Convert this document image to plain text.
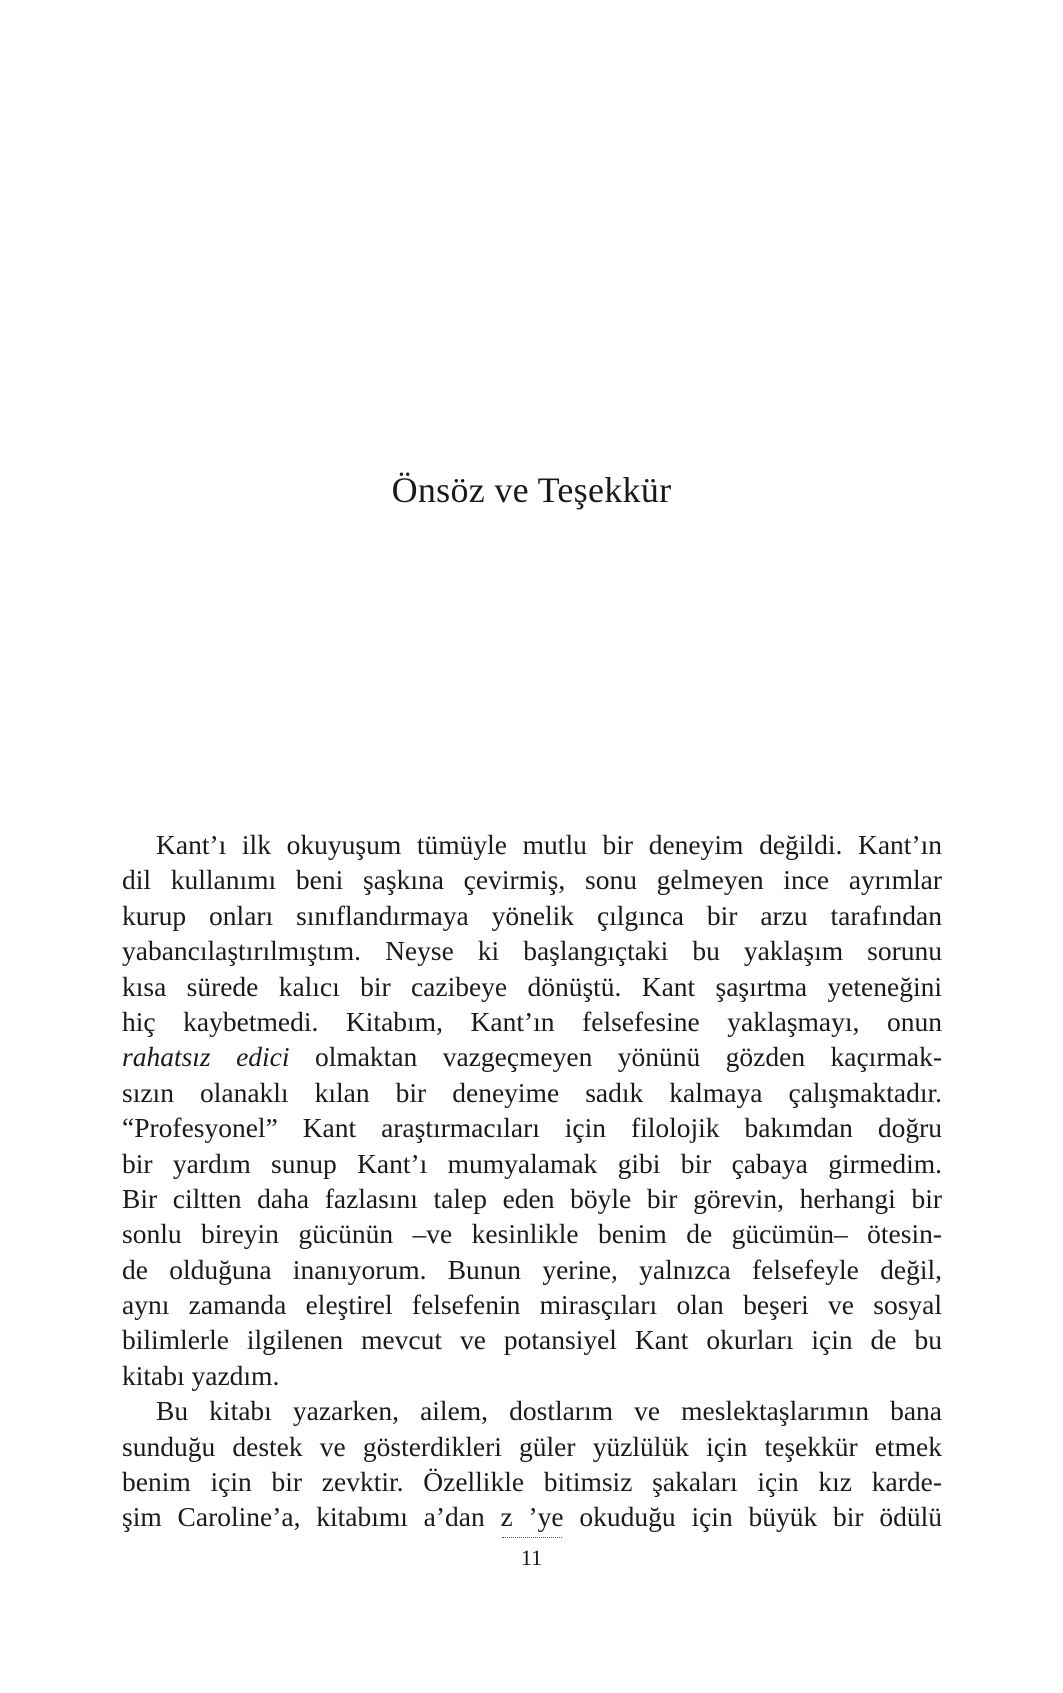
Önsöz ve Teşekkür
Kant’ı ilk okuyuşum tümüyle mutlu bir deneyim değildi. Kant’ın
dil kullanımı beni şaşkına çevirmiş, sonu gelmeyen ince ayrımlar
kurup onları sınıflandırmaya yönelik çılgınca bir arzu tarafından
yabancılaştırılmıştım. Neyse ki başlangıçtaki bu yaklaşım sorunu
kısa sürede kalıcı bir cazibeye dönüştü. Kant şaşırtma yeteneğini
hiç kaybetmedi. Kitabım, Kant’ın felsefesine yaklaşmayı, onun
rahatsız edici olmaktan vazgeçmeyen yönünü gözden kaçırmak-
sızın olanaklı kılan bir deneyime sadık kalmaya çalışmaktadır.
“Profesyonel” Kant araştırmacıları için filolojik bakımdan doğru
bir yardım sunup Kant’ı mumyalamak gibi bir çabaya girmedim.
Bir ciltten daha fazlasını talep eden böyle bir görevin, herhangi bir
sonlu bireyin gücünün –ve kesinlikle benim de gücümün– ötesin-
de olduğuna inanıyorum. Bunun yerine, yalnızca felsefeyle değil,
aynı zamanda eleştirel felsefenin mirasçıları olan beşeri ve sosyal
bilimlerle ilgilenen mevcut ve potansiyel Kant okurları için de bu
kitabı yazdım.
Bu kitabı yazarken, ailem, dostlarım ve meslektaşlarımın bana
sunduğu destek ve gösterdikleri güler yüzlülük için teşekkür etmek
benim için bir zevktir. Özellikle bitimsiz şakaları için kız karde-
şim Caroline’a, kitabımı a’dan z ’ye okuduğu için büyük bir ödülü
11
